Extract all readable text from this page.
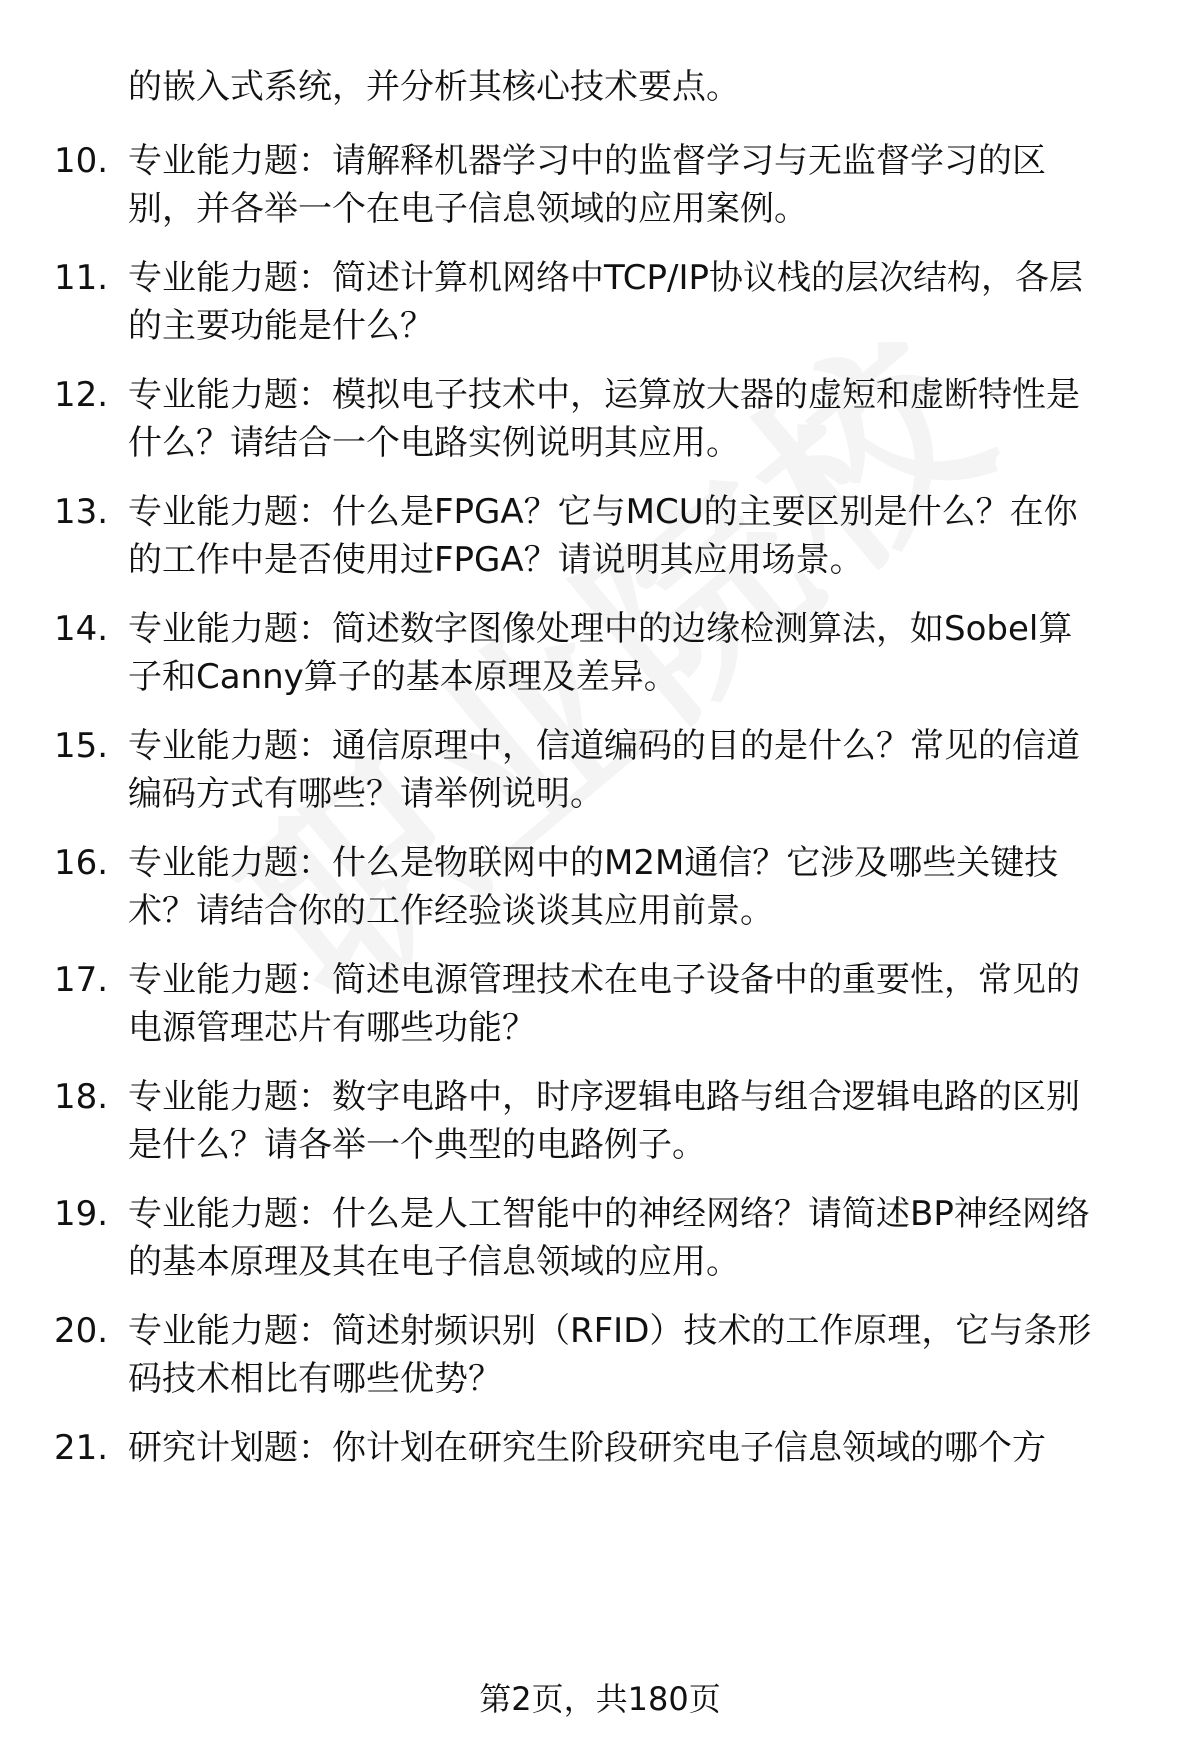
的嵌入式系统，并分析其核心技术要点。
10. 专业能力题：请解释机器学习中的监督学习与无监督学习的区
别，并各举一个在电子信息领域的应用案例。
11. 专业能力题：简述计算机网络中TCP/IP协议栈的层次结构，各层
的主要功能是什么？
12. 专业能力题：模拟电子技术中，运算放大器的虚短和虚断特性是
什么？请结合一个电路实例说明其应用。
13. 专业能力题：什么是FPGA？它与MCU的主要区别是什么？在你
的工作中是否使用过FPGA？请说明其应用场景。
14. 专业能力题：简述数字图像处理中的边缘检测算法，如Sobel算
子和Canny算子的基本原理及差异。
15. 专业能力题：通信原理中，信道编码的目的是什么？常见的信道
编码方式有哪些？请举例说明。
16. 专业能力题：什么是物联网中的M2M通信？它涉及哪些关键技
术？请结合你的工作经验谈谈其应用前景。
17. 专业能力题：简述电源管理技术在电子设备中的重要性，常见的
电源管理芯片有哪些功能？
18. 专业能力题：数字电路中，时序逻辑电路与组合逻辑电路的区别
是什么？请各举一个典型的电路例子。
19. 专业能力题：什么是人工智能中的神经网络？请简述BP神经网络
的基本原理及其在电子信息领域的应用。
20. 专业能力题：简述射频识别（RFID）技术的工作原理，它与条形
码技术相比有哪些优势？
21. 研究计划题：你计划在研究生阶段研究电子信息领域的哪个方
第2页，共180页
